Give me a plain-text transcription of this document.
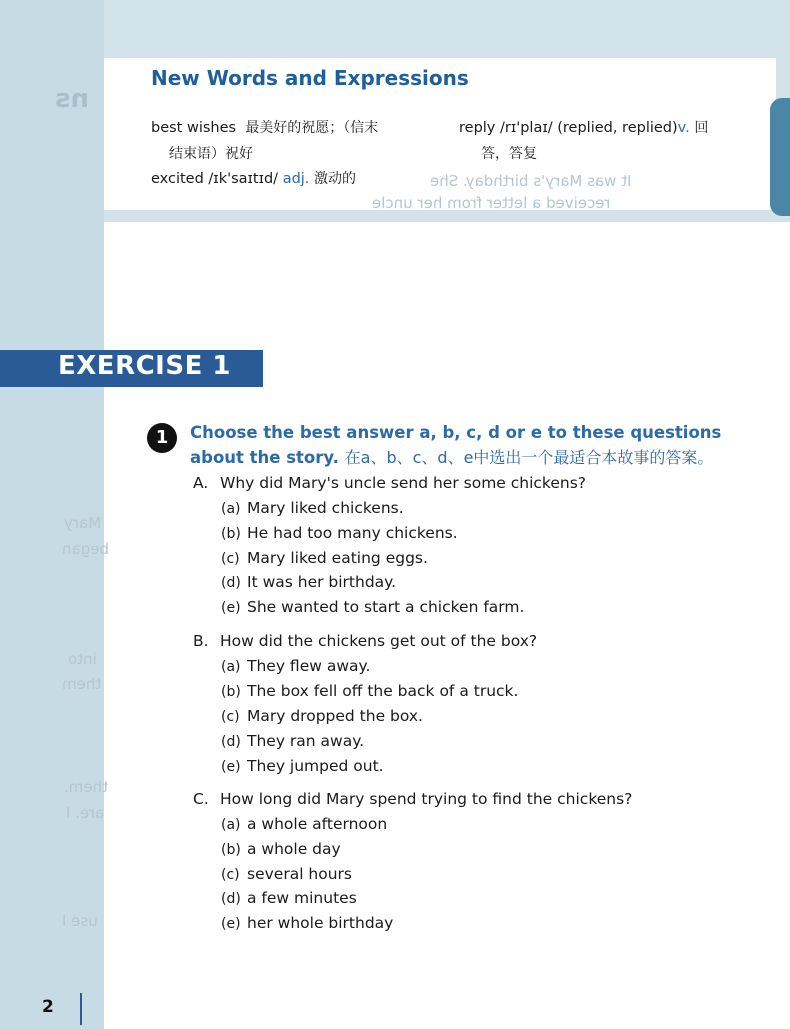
ns
It was Mary's birthday. She
received a letter from her uncle
Mary
began
into
them
them.
are. I
use I
New Words and Expressions
best wishes 最美好的祝愿；（信末
结束语）祝好
reply /rɪ'plaɪ/ (replied, replied)v. 回
答，答复
excited /ɪk'saɪtɪd/ adj. 激动的
EXERCISE 1
1	Choose the best answer a, b, c, d or e to these questions about the story. 在a、b、c、d、e中选出一个最适合本故事的答案。

A. Why did Mary's uncle send her some chickens?
(a) Mary liked chickens.
(b) He had too many chickens.
(c) Mary liked eating eggs.
(d) It was her birthday.
(e) She wanted to start a chicken farm.
B. How did the chickens get out of the box?
(a) They flew away.
(b) The box fell off the back of a truck.
(c) Mary dropped the box.
(d) They ran away.
(e) They jumped out.
C. How long did Mary spend trying to find the chickens?
(a) a whole afternoon
(b) a whole day
(c) several hours
(d) a few minutes
(e) her whole birthday
2
